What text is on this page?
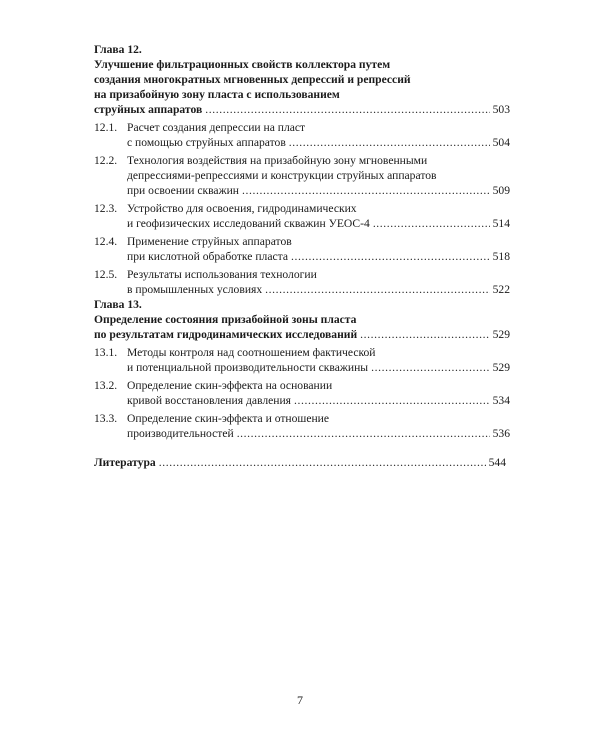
Глава 12.
Улучшение фильтрационных свойств коллектора путем
создания многократных мгновенных депрессий и репрессий
на призабойную зону пласта с использованием
струйных аппаратов .....	503
12.1. Расчет создания депрессии на пласт
с помощью струйных аппаратов .....	504
12.2. Технология воздействия на призабойную зону мгновенными
депрессиями-репрессиями и конструкции струйных аппаратов
при освоении скважин .....	509
12.3. Устройство для освоения, гидродинамических
и геофизических исследований скважин УЕОС-4 .....	514
12.4. Применение струйных аппаратов
при кислотной обработке пласта .....	518
12.5. Результаты использования технологии
в промышленных условиях .....	522
Глава 13.
Определение состояния призабойной зоны пласта
по результатам гидродинамических исследований .....	529
13.1. Методы контроля над соотношением фактической
и потенциальной производительности скважины .....	529
13.2. Определение скин-эффекта на основании
кривой восстановления давления .....	534
13.3. Определение скин-эффекта и отношение
производительностей .....	536
Литература .....	544
7
